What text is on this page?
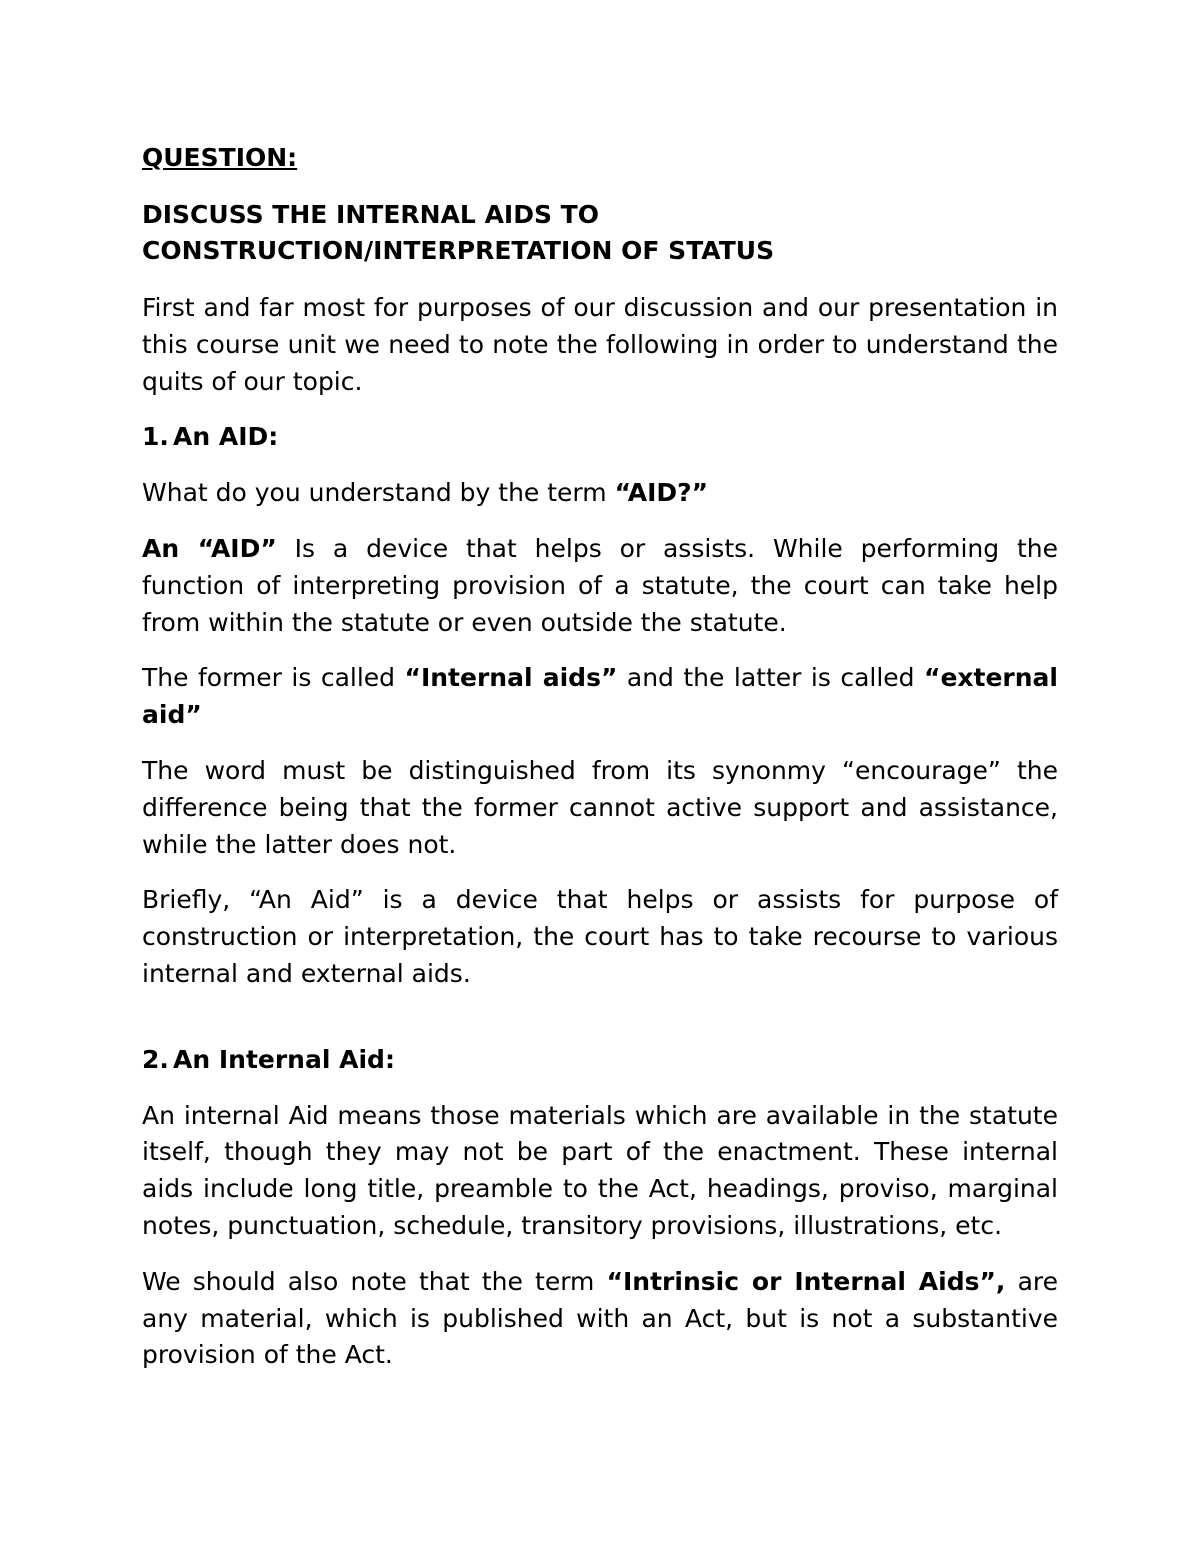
QUESTION:

DISCUSS THE INTERNAL AIDS TO
CONSTRUCTION/INTERPRETATION OF STATUS

First and far most for purposes of our discussion and our presentation in this course unit we need to note the following in order to understand the quits of our topic.

1. An AID:

What do you understand by the term “AID?”

An “AID” Is a device that helps or assists. While performing the function of interpreting provision of a statute, the court can take help from within the statute or even outside the statute.

The former is called “Internal aids” and the latter is called “external aid”

The word must be distinguished from its synonmy “encourage” the difference being that the former cannot active support and assistance, while the latter does not.

Briefly, “An Aid” is a device that helps or assists for purpose of construction or interpretation, the court has to take recourse to various internal and external aids.

2. An Internal Aid:

An internal Aid means those materials which are available in the statute itself, though they may not be part of the enactment. These internal aids include long title, preamble to the Act, headings, proviso, marginal notes, punctuation, schedule, transitory provisions, illustrations, etc.

We should also note that the term “Intrinsic or Internal Aids”, are any material, which is published with an Act, but is not a substantive provision of the Act.
